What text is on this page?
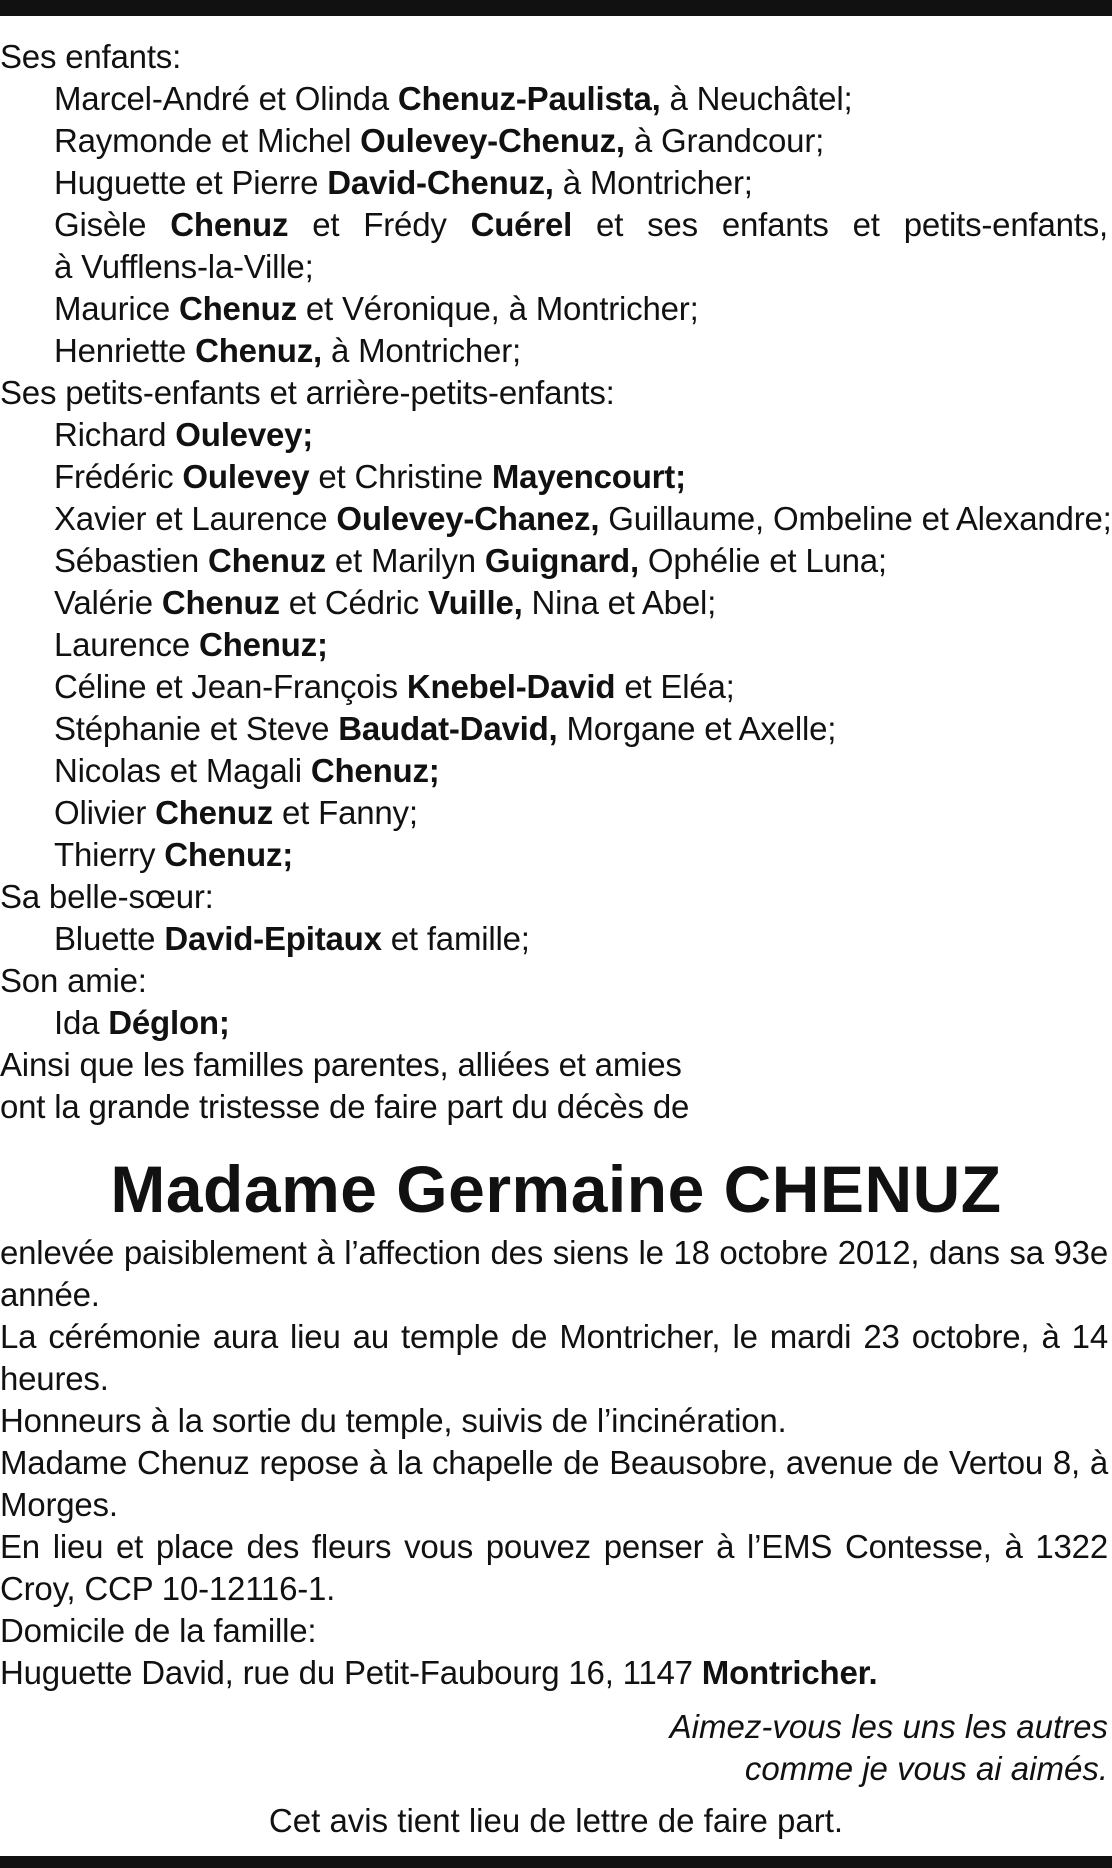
Ses enfants:
Marcel-André et Olinda Chenuz-Paulista, à Neuchâtel;
Raymonde et Michel Oulevey-Chenuz, à Grandcour;
Huguette et Pierre David-Chenuz, à Montricher;
Gisèle Chenuz et Frédy Cuérel et ses enfants et petits-enfants,
à Vufflens-la-Ville;
Maurice Chenuz et Véronique, à Montricher;
Henriette Chenuz, à Montricher;
Ses petits-enfants et arrière-petits-enfants:
Richard Oulevey;
Frédéric Oulevey et Christine Mayencourt;
Xavier et Laurence Oulevey-Chanez, Guillaume, Ombeline et Alexandre;
Sébastien Chenuz et Marilyn Guignard, Ophélie et Luna;
Valérie Chenuz et Cédric Vuille, Nina et Abel;
Laurence Chenuz;
Céline et Jean-François Knebel-David et Eléa;
Stéphanie et Steve Baudat-David, Morgane et Axelle;
Nicolas et Magali Chenuz;
Olivier Chenuz et Fanny;
Thierry Chenuz;
Sa belle-sœur:
Bluette David-Epitaux et famille;
Son amie:
Ida Déglon;
Ainsi que les familles parentes, alliées et amies
ont la grande tristesse de faire part du décès de
Madame Germaine CHENUZ
enlevée paisiblement à l’affection des siens le 18 octobre 2012, dans sa 93e année.
La cérémonie aura lieu au temple de Montricher, le mardi 23 octobre, à 14 heures.
Honneurs à la sortie du temple, suivis de l’incinération.
Madame Chenuz repose à la chapelle de Beausobre, avenue de Vertou 8, à Morges.
En lieu et place des fleurs vous pouvez penser à l’EMS Contesse, à 1322 Croy, CCP 10-12116-1.
Domicile de la famille:
Huguette David, rue du Petit-Faubourg 16, 1147 Montricher.
Aimez-vous les uns les autres
comme je vous ai aimés.
Cet avis tient lieu de lettre de faire part.
